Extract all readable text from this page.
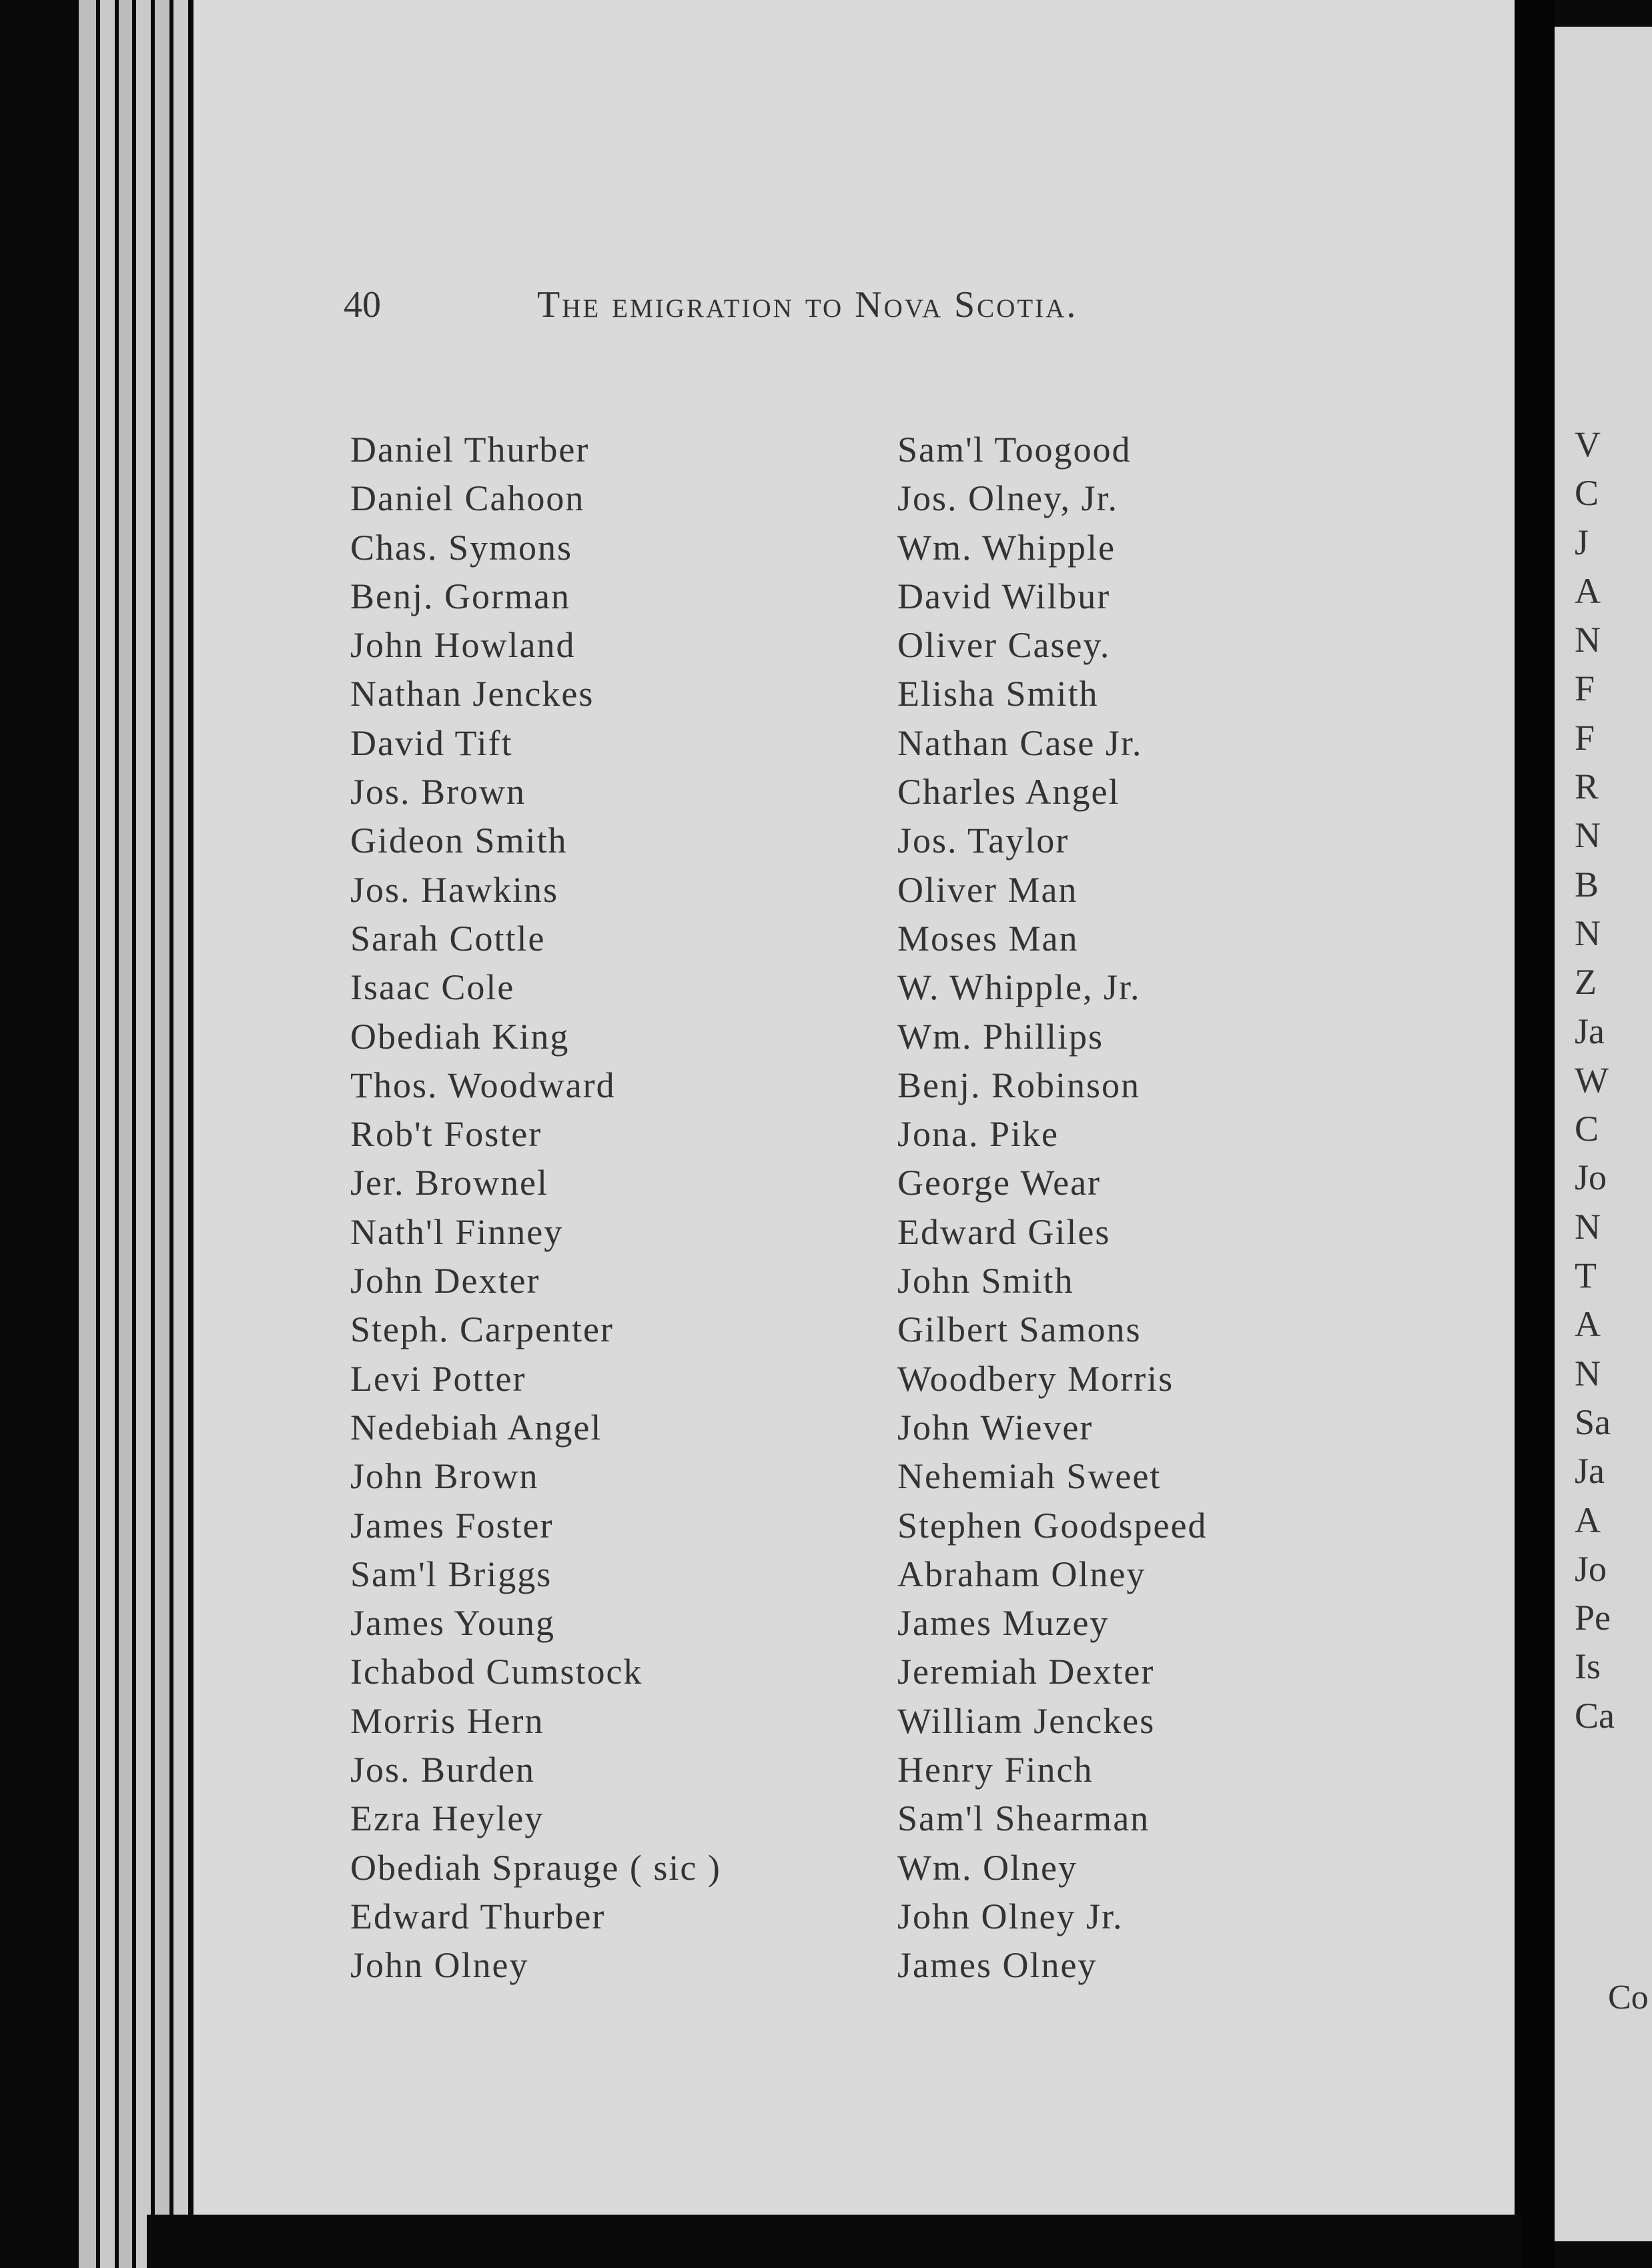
40	The emigration to Nova Scotia.
Daniel Thurber
Daniel Cahoon
Chas. Symons
Benj. Gorman
John Howland
Nathan Jenckes
David Tift
Jos. Brown
Gideon Smith
Jos. Hawkins
Sarah Cottle
Isaac Cole
Obediah King
Thos. Woodward
Rob't Foster
Jer. Brownel
Nath'l Finney
John Dexter
Steph. Carpenter
Levi Potter
Nedebiah Angel
John Brown
James Foster
Sam'l Briggs
James Young
Ichabod Cumstock
Morris Hern
Jos. Burden
Ezra Heyley
Obediah Sprauge ( sic )
Edward Thurber
John Olney
Sam'l Toogood
Jos. Olney, Jr.
Wm. Whipple
David Wilbur
Oliver Casey.
Elisha Smith
Nathan Case Jr.
Charles Angel
Jos. Taylor
Oliver Man
Moses Man
W. Whipple, Jr.
Wm. Phillips
Benj. Robinson
Jona. Pike
George Wear
Edward Giles
John Smith
Gilbert Samons
Woodbery Morris
John Wiever
Nehemiah Sweet
Stephen Goodspeed
Abraham Olney
James Muzey
Jeremiah Dexter
William Jenckes
Henry Finch
Sam'l Shearman
Wm. Olney
John Olney Jr.
James Olney
V
C
J
A
N
F
F
R
N
B
N
Z
Ja
W
C
Jo
N
T
A
N
Sa
Ja
A
Jo
Pe
Is
Ca
Co
